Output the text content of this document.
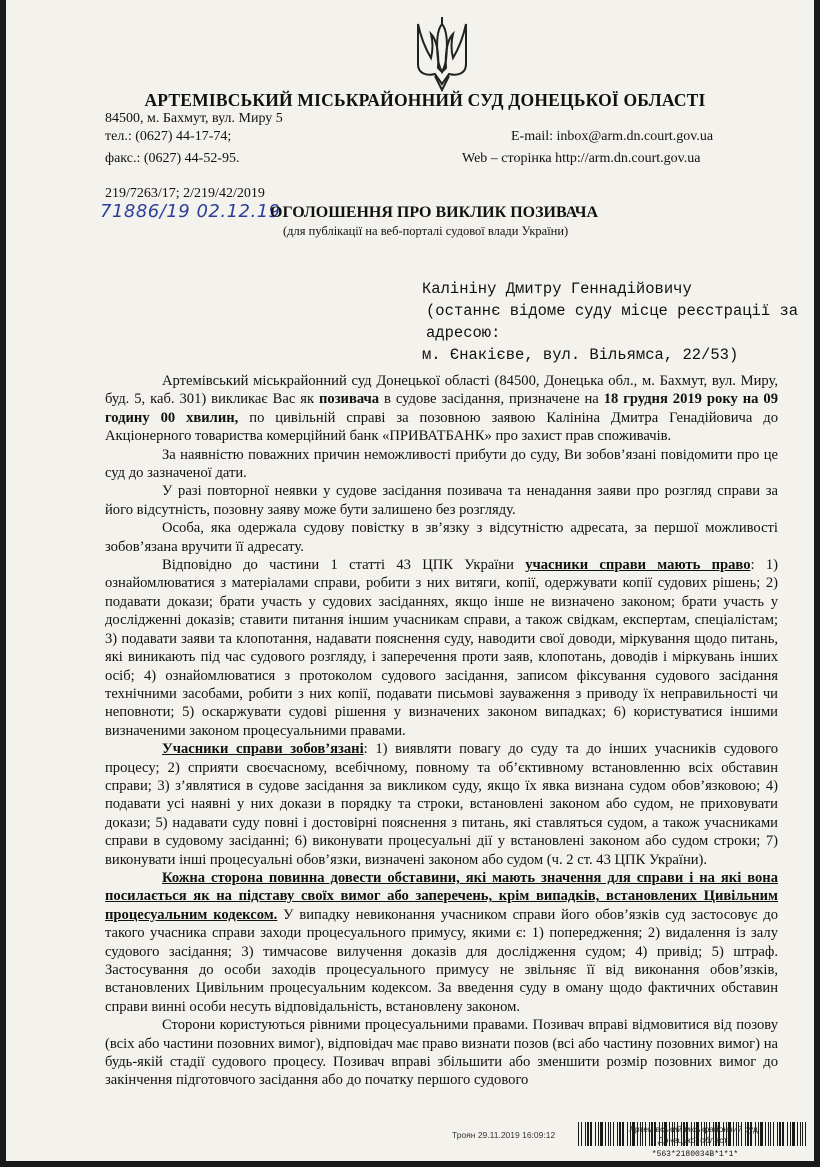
АРТЕМІВСЬКИЙ МІСЬКРАЙОННИЙ СУД ДОНЕЦЬКОЇ ОБЛАСТІ
84500, м. Бахмут, вул. Миру 5
тел.: (0627) 44-17-74;
факс.: (0627) 44-52-95.
E-mail: inbox@arm.dn.court.gov.ua
Web – сторінка http://arm.dn.court.gov.ua
219/7263/17; 2/219/42/2019
71886/19 02.12.19
ОГОЛОШЕННЯ ПРО ВИКЛИК ПОЗИВАЧА
(для публікації на веб-порталі судової влади України)
Калініну Дмитру Геннадійовичу
(останнє відоме суду місце реєстрації за адресою:
м. Єнакієве, вул. Вільямса, 22/53)

Артемівський міськрайонний суд Донецької області (84500, Донецька обл., м. Бахмут, вул. Миру, буд. 5, каб. 301) викликає Вас як позивача в судове засідання, призначене на 18 грудня 2019 року на 09 годину 00 хвилин, по цивільній справі за позовною заявою Калініна Дмитра Генадійовича до Акціонерного товариства комерційний банк «ПРИВАТБАНК» про захист прав споживачів.

За наявністю поважних причин неможливості прибути до суду, Ви зобов’язані повідомити про це суд до зазначеної дати.

У разі повторної неявки у судове засідання позивача та ненадання заяви про розгляд справи за його відсутність, позовну заяву може бути залишено без розгляду.

Особа, яка одержала судову повістку в зв’язку з відсутністю адресата, за першої можливості зобов’язана вручити її адресату.

Відповідно до частини 1 статті 43 ЦПК України учасники справи мають право: 1) ознайомлюватися з матеріалами справи, робити з них витяги, копії, одержувати копії судових рішень; 2) подавати докази; брати участь у судових засіданнях, якщо інше не визначено законом; брати участь у дослідженні доказів; ставити питання іншим учасникам справи, а також свідкам, експертам, спеціалістам; 3) подавати заяви та клопотання, надавати пояснення суду, наводити свої доводи, міркування щодо питань, які виникають під час судового розгляду, і заперечення проти заяв, клопотань, доводів і міркувань інших осіб; 4) ознайомлюватися з протоколом судового засідання, записом фіксування судового засідання технічними засобами, робити з них копії, подавати письмові зауваження з приводу їх неправильності чи неповноти; 5) оскаржувати судові рішення у визначених законом випадках; 6) користуватися іншими визначеними законом процесуальними правами.

Учасники справи зобов’язані: 1) виявляти повагу до суду та до інших учасників судового процесу; 2) сприяти своєчасному, всебічному, повному та об’єктивному встановленню всіх обставин справи; 3) з’являтися в судове засідання за викликом суду, якщо їх явка визнана судом обов’язковою; 4) подавати усі наявні у них докази в порядку та строки, встановлені законом або судом, не приховувати докази; 5) надавати суду повні і достовірні пояснення з питань, які ставляться судом, а також учасниками справи в судовому засіданні; 6) виконувати процесуальні дії у встановлені законом або судом строки; 7) виконувати інші процесуальні обов’язки, визначені законом або судом (ч. 2 ст. 43 ЦПК України).

Кожна сторона повинна довести обставини, які мають значення для справи і на які вона посилається як на підставу своїх вимог або заперечень, крім випадків, встановлених Цивільним процесуальним кодексом. У випадку невиконання учасником справи його обов’язків суд застосовує до такого учасника справи заходи процесуального примусу, якими є: 1) попередження; 2) видалення із залу судового засідання; 3) тимчасове вилучення доказів для дослідження судом; 4) привід; 5) штраф. Застосування до особи заходів процесуального примусу не звільняє її від виконання обов’язків, встановлених Цивільним процесуальним кодексом. За введення суду в оману щодо фактичних обставин справи винні особи несуть відповідальність, встановлену законом.

Сторони користуються рівними процесуальними правами. Позивач вправі відмовитися від позову (всіх або частини позовних вимог), відповідач має право визнати позов (всі або частину позовних вимог) на будь-якій стадії судового процесу. Позивач вправі збільшити або зменшити розмір позовних вимог до закінчення підготовчого засідання або до початку першого судового

Артемівський міськрайонний суд
Донецької області
Троян 29.11.2019 16:09:12
*563*2180034B*1*1*
